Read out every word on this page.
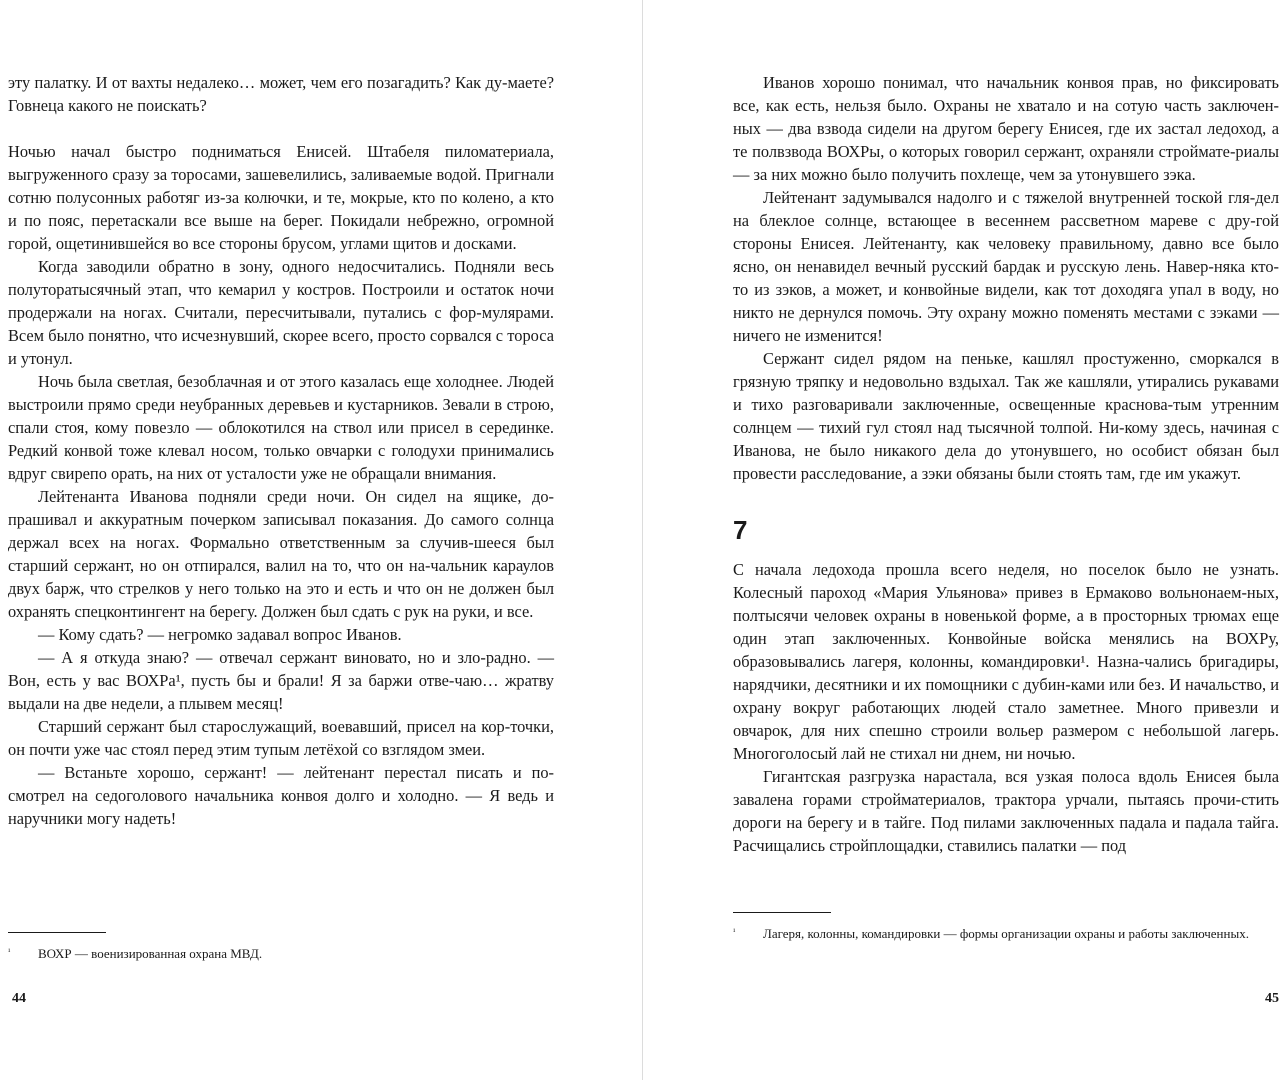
эту палатку. И от вахты недалеко… может, чем его позагадить? Как ду-маете? Говнеца какого не поискать?

Ночью начал быстро подниматься Енисей. Штабеля пиломатериала, выгруженного сразу за торосами, зашевелились, заливаемые водой. Пригнали сотню полусонных работяг из-за колючки, и те, мокрые, кто по колено, а кто и по пояс, перетаскали все выше на берег. Покидали небрежно, огромной горой, ощетинившейся во все стороны брусом, углами щитов и досками.

Когда заводили обратно в зону, одного недосчитались. Подняли весь полуторатысячный этап, что кемарил у костров. Построили и остаток ночи продержали на ногах. Считали, пересчитывали, путались с фор-мулярами. Всем было понятно, что исчезнувший, скорее всего, просто сорвался с тороса и утонул.

Ночь была светлая, безоблачная и от этого казалась еще холоднее. Людей выстроили прямо среди неубранных деревьев и кустарников. Зевали в строю, спали стоя, кому повезло — облокотился на ствол или присел в серединке. Редкий конвой тоже клевал носом, только овчарки с голодухи принимались вдруг свирепо орать, на них от усталости уже не обращали внимания.

Лейтенанта Иванова подняли среди ночи. Он сидел на ящике, до-прашивал и аккуратным почерком записывал показания. До самого солнца держал всех на ногах. Формально ответственным за случив-шееся был старший сержант, но он отпирался, валил на то, что он на-чальник караулов двух барж, что стрелков у него только на это и есть и что он не должен был охранять спецконтингент на берегу. Должен был сдать с рук на руки, и все.

— Кому сдать? — негромко задавал вопрос Иванов.

— А я откуда знаю? — отвечал сержант виновато, но и зло-радно. — Вон, есть у вас ВОХРа¹, пусть бы и брали! Я за баржи отве-чаю… жратву выдали на две недели, а плывем месяц!

Старший сержант был старослужащий, воевавший, присел на кор-точки, он почти уже час стоял перед этим тупым летёхой со взглядом змеи.

— Встаньте хорошо, сержант! — лейтенант перестал писать и по-смотрел на седоголового начальника конвоя долго и холодно. — Я ведь и наручники могу надеть!

¹	ВОХР — военизированная охрана МВД.
44

Иванов хорошо понимал, что начальник конвоя прав, но фиксировать все, как есть, нельзя было. Охраны не хватало и на сотую часть заключен-ных — два взвода сидели на другом берегу Енисея, где их застал ледоход, а те полвзвода ВОХРы, о которых говорил сержант, охраняли строймате-риалы — за них можно было получить похлеще, чем за утонувшего зэка.

Лейтенант задумывался надолго и с тяжелой внутренней тоской гля-дел на блеклое солнце, встающее в весеннем рассветном мареве с дру-гой стороны Енисея. Лейтенанту, как человеку правильному, давно все было ясно, он ненавидел вечный русский бардак и русскую лень. Навер-няка кто-то из зэков, а может, и конвойные видели, как тот доходяга упал в воду, но никто не дернулся помочь. Эту охрану можно поменять местами с зэками — ничего не изменится!

Сержант сидел рядом на пеньке, кашлял простуженно, сморкался в грязную тряпку и недовольно вздыхал. Так же кашляли, утирались рукавами и тихо разговаривали заключенные, освещенные краснова-тым утренним солнцем — тихий гул стоял над тысячной толпой. Ни-кому здесь, начиная с Иванова, не было никакого дела до утонувшего, но особист обязан был провести расследование, а зэки обязаны были стоять там, где им укажут.

7

С начала ледохода прошла всего неделя, но поселок было не узнать. Колесный пароход «Мария Ульянова» привез в Ермаково вольнонаем-ных, полтысячи человек охраны в новенькой форме, а в просторных трюмах еще один этап заключенных. Конвойные войска менялись на ВОХРу, образовывались лагеря, колонны, командировки¹. Назна-чались бригадиры, нарядчики, десятники и их помощники с дубин-ками или без. И начальство, и охрану вокруг работающих людей стало заметнее. Много привезли и овчарок, для них спешно строили вольер размером с небольшой лагерь. Многоголосый лай не стихал ни днем, ни ночью.

Гигантская разгрузка нарастала, вся узкая полоса вдоль Енисея была завалена горами стройматериалов, трактора урчали, пытаясь прочи-стить дороги на берегу и в тайге. Под пилами заключенных падала и падала тайга. Расчищались стройплощадки, ставились палатки — под

¹	Лагеря, колонны, командировки — формы организации охраны и работы заключенных.
45
